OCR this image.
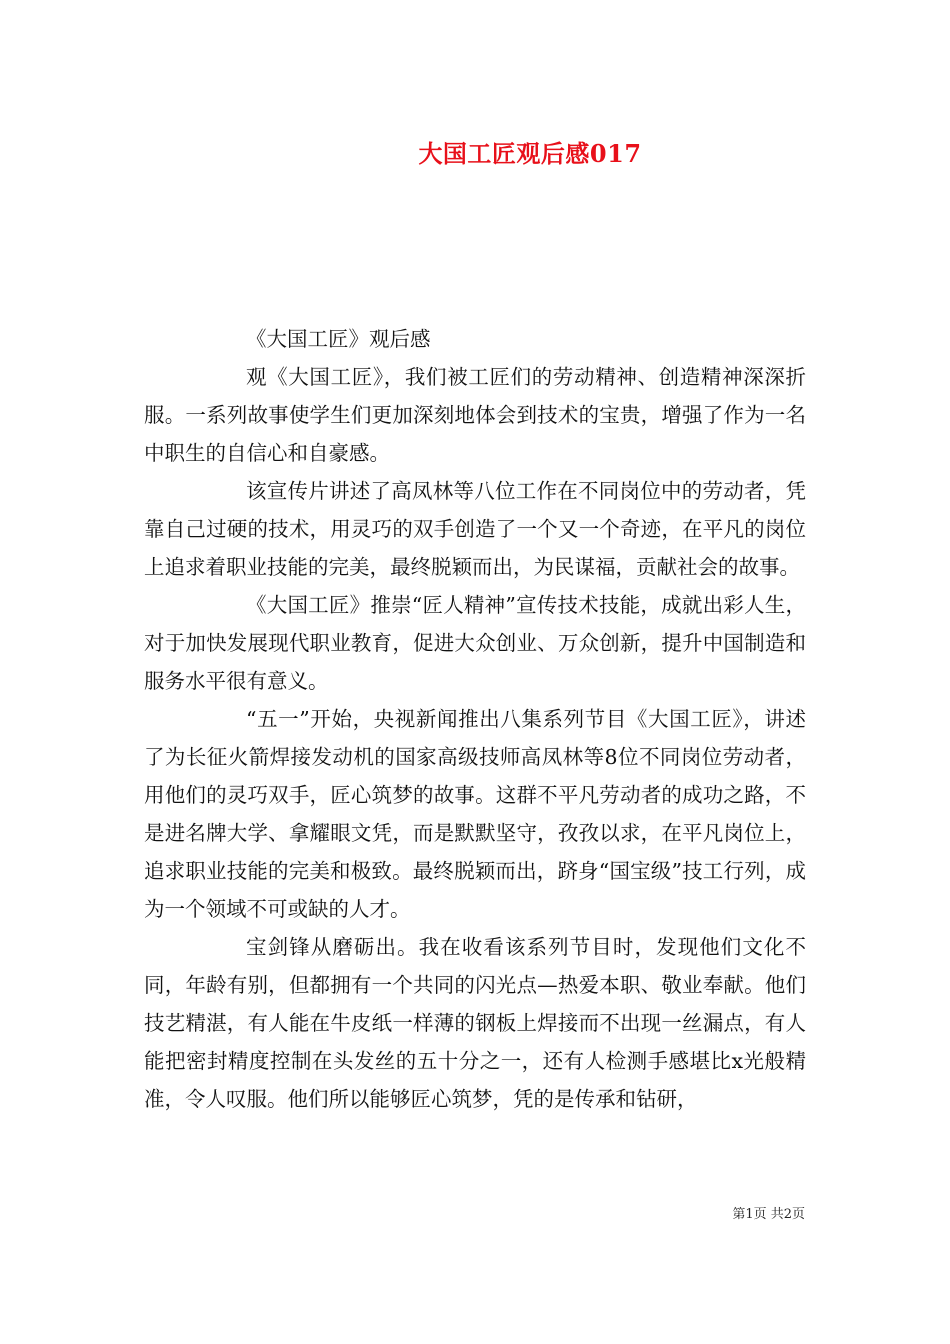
大国工匠观后感017

《大国工匠》观后感

观《大国工匠》，我们被工匠们的劳动精神、创造精神深深折服。一系列故事使学生们更加深刻地体会到技术的宝贵，增强了作为一名中职生的自信心和自豪感。

该宣传片讲述了高凤林等八位工作在不同岗位中的劳动者，凭靠自己过硬的技术，用灵巧的双手创造了一个又一个奇迹，在平凡的岗位上追求着职业技能的完美，最终脱颖而出，为民谋福，贡献社会的故事。

《大国工匠》推崇“匠人精神”宣传技术技能，成就出彩人生，对于加快发展现代职业教育，促进大众创业、万众创新，提升中国制造和服务水平很有意义。

“五一”开始，央视新闻推出八集系列节目《大国工匠》，讲述了为长征火箭焊接发动机的国家高级技师高凤林等8位不同岗位劳动者，用他们的灵巧双手，匠心筑梦的故事。这群不平凡劳动者的成功之路，不是进名牌大学、拿耀眼文凭，而是默默坚守，孜孜以求，在平凡岗位上，追求职业技能的完美和极致。最终脱颖而出，跻身“国宝级”技工行列，成为一个领域不可或缺的人才。

宝剑锋从磨砺出。我在收看该系列节目时，发现他们文化不同，年龄有别，但都拥有一个共同的闪光点—热爱本职、敬业奉献。他们技艺精湛，有人能在牛皮纸一样薄的钢板上焊接而不出现一丝漏点，有人能把密封精度控制在头发丝的五十分之一，还有人检测手感堪比x光般精准，令人叹服。他们所以能够匠心筑梦，凭的是传承和钻研，

第1页 共2页
